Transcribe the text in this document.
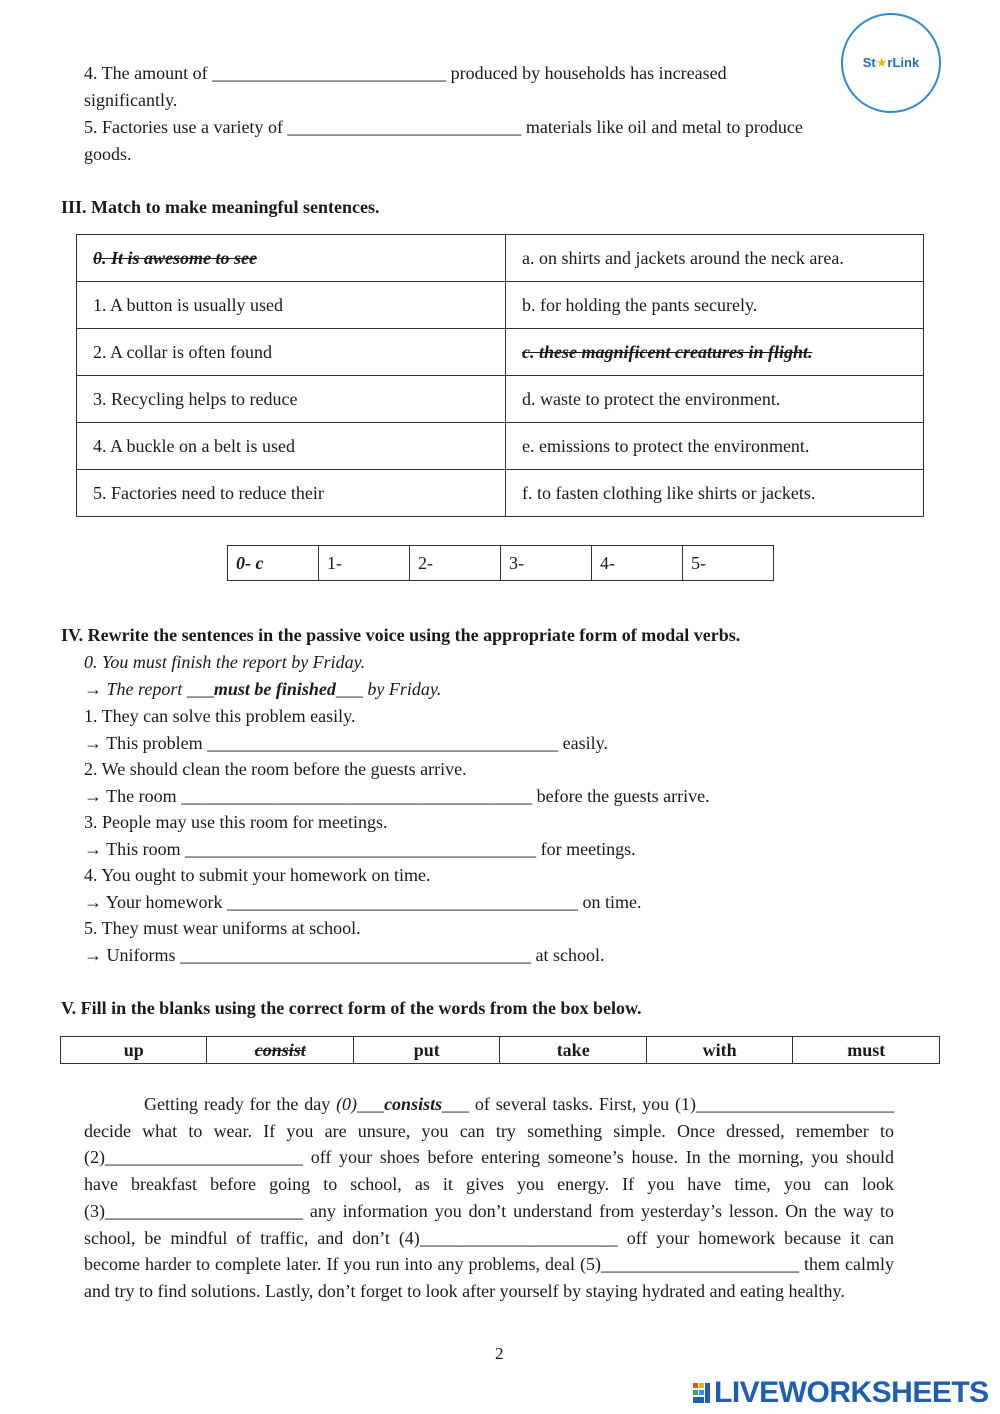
St★rLink
4. The amount of __________________________ produced by households has increased
significantly.
5. Factories use a variety of __________________________ materials like oil and metal to produce
goods.
III. Match to make meaningful sentences.
0. It is awesome to see	a. on shirts and jackets around the neck area.
1. A button is usually used	b. for holding the pants securely.
2. A collar is often found	c. these magnificent creatures in flight.
3. Recycling helps to reduce	d. waste to protect the environment.
4. A buckle on a belt is used	e. emissions to protect the environment.
5. Factories need to reduce their	f. to fasten clothing like shirts or jackets.
0- c	1-	2-	3-	4-	5-
IV. Rewrite the sentences in the passive voice using the appropriate form of modal verbs.
0. You must finish the report by Friday.
→ The report ___must be finished___ by Friday.
1. They can solve this problem easily.
→ This problem _______________________________________ easily.
2. We should clean the room before the guests arrive.
→ The room _______________________________________ before the guests arrive.
3. People may use this room for meetings.
→ This room _______________________________________ for meetings.
4. You ought to submit your homework on time.
→ Your homework _______________________________________ on time.
5. They must wear uniforms at school.
→ Uniforms _______________________________________ at school.
V. Fill in the blanks using the correct form of the words from the box below.
up	consist	put	take	with	must
Getting ready for the day (0)___consists___ of several tasks. First, you (1)______________________ decide what to wear. If you are unsure, you can try something simple. Once dressed, remember to (2)______________________ off your shoes before entering someone’s house. In the morning, you should have breakfast before going to school, as it gives you energy. If you have time, you can look (3)______________________ any information you don’t understand from yesterday’s lesson. On the way to school, be mindful of traffic, and don’t (4)______________________ off your homework because it can become harder to complete later. If you run into any problems, deal (5)______________________ them calmly and try to find solutions. Lastly, don’t forget to look after yourself by staying hydrated and eating healthy.
2
LIVEWORKSHEETS
